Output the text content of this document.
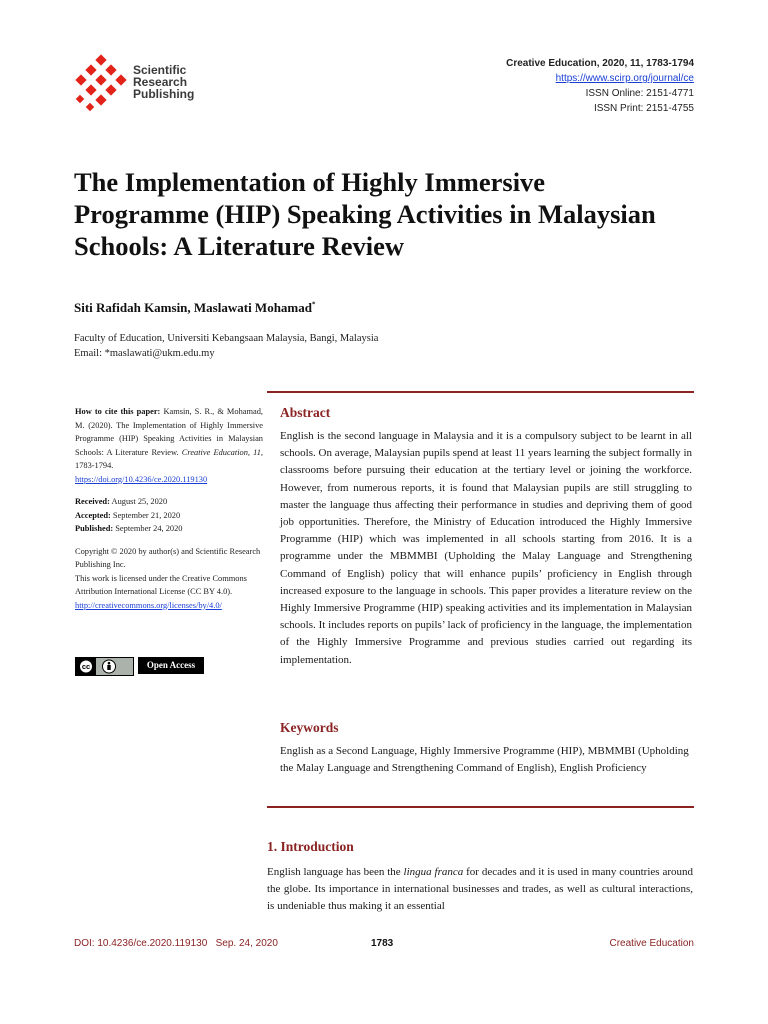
Scientific
Research
Publishing
Creative Education, 2020, 11, 1783-1794
https://www.scirp.org/journal/ce
ISSN Online: 2151-4771
ISSN Print: 2151-4755
The Implementation of Highly Immersive Programme (HIP) Speaking Activities in Malaysian Schools: A Literature Review
Siti Rafidah Kamsin, Maslawati Mohamad*
Faculty of Education, Universiti Kebangsaan Malaysia, Bangi, Malaysia
Email: *maslawati@ukm.edu.my

How to cite this paper: Kamsin, S. R., & Mohamad, M. (2020). The Implementation of Highly Immersive Programme (HIP) Speaking Activities in Malaysian Schools: A Literature Review. Creative Education, 11, 1783-1794.
https://doi.org/10.4236/ce.2020.119130

Received: August 25, 2020
Accepted: September 21, 2020
Published: September 24, 2020

Copyright © 2020 by author(s) and Scientific Research Publishing Inc.
This work is licensed under the Creative Commons Attribution International License (CC BY 4.0).
http://creativecommons.org/licenses/by/4.0/

cc	Open Access
Abstract
English is the second language in Malaysia and it is a compulsory subject to be learnt in all schools. On average, Malaysian pupils spend at least 11 years learning the subject formally in classrooms before pursuing their education at the tertiary level or joining the workforce. However, from numerous reports, it is found that Malaysian pupils are still struggling to master the language thus affecting their performance in studies and depriving them of good job opportunities. Therefore, the Ministry of Education introduced the Highly Immersive Programme (HIP) which was implemented in all schools starting from 2016. It is a programme under the MBMMBI (Upholding the Malay Language and Strengthening Command of English) policy that will enhance pupils’ proficiency in English through increased exposure to the language in schools. This paper provides a literature review on the Highly Immersive Programme (HIP) speaking activities and its implementation in Malaysian schools. It includes reports on pupils’ lack of proficiency in the language, the implementation of the Highly Immersive Programme and previous studies carried out regarding its implementation.
Keywords
English as a Second Language, Highly Immersive Programme (HIP), MBMMBI (Upholding the Malay Language and Strengthening Command of English), English Proficiency
1. Introduction
English language has been the lingua franca for decades and it is used in many countries around the globe. Its importance in international businesses and trades, as well as cultural interactions, is undeniable thus making it an essential
DOI: 10.4236/ce.2020.119130 Sep. 24, 2020	1783	Creative Education
